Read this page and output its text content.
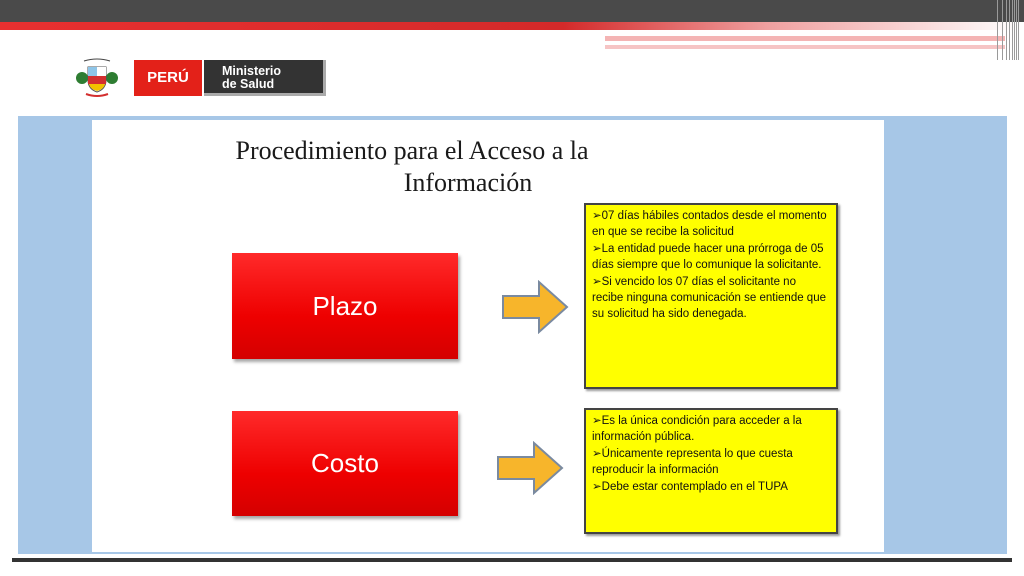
PERÚ	Ministerio
de Salud
Procedimiento para el Acceso a la
Información
Plazo
Costo

➢07 días hábiles contados desde el momento en que se recibe la solicitud

➢La entidad puede hacer una prórroga de 05 días siempre que lo comunique la solicitante.

➢Si vencido los 07 días el solicitante no recibe ninguna comunicación se entiende que su solicitud ha sido denegada.

➢Es la única condición para acceder a la información pública.

➢Únicamente representa lo que cuesta reproducir la información

➢Debe estar contemplado en el TUPA
